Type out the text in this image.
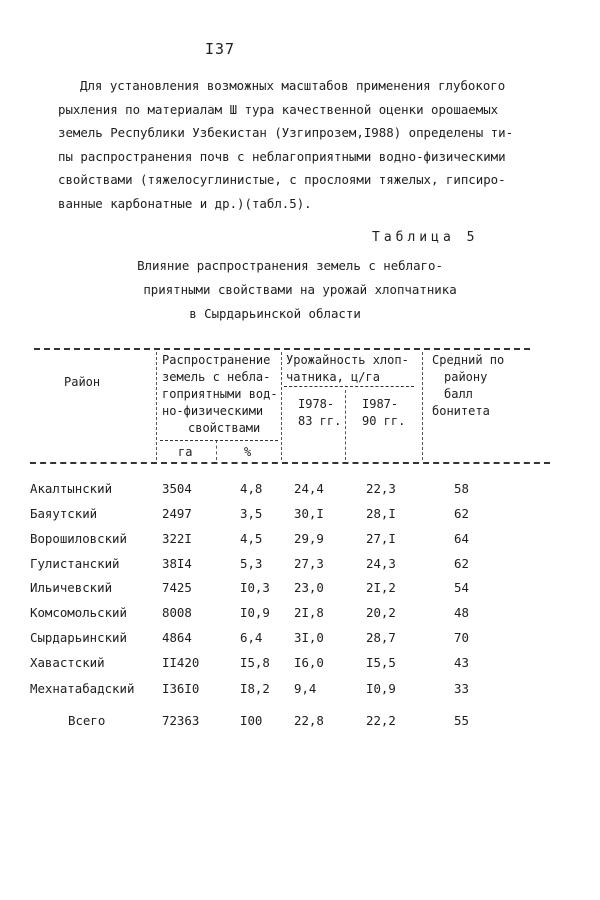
I37
Для установления возможных масштабов применения глубокого
рыхления по материалам Ш тура качественной оценки орошаемых
земель Республики Узбекистан (Узгипрозем,I988) определены ти-
пы распространения почв с неблагоприятными водно-физическими
свойствами (тяжелосуглинистые, с прослоями тяжелых, гипсиро-
ванные карбонатные и др.)(табл.5).
Таблица 5
Влияние распространения земель с неблаго-
приятными свойствами на урожай хлопчатника
в Сырдарьинской области
Район
Распространение
земель с небла-
гоприятными вод-
но-физическими
свойствами
га	%
Урожайность хлоп-
чатника, ц/га
I978-
83 гг.
I987-
90 гг.
Средний по
району
балл
бонитета
Акалтынский	3504	4,8	24,4	22,3	58
Баяутский	2497	3,5	30,I	28,I	62
Ворошиловский	322I	4,5	29,9	27,I	64
Гулистанский	38I4	5,3	27,3	24,3	62
Ильичевский	7425	I0,3 23,0	2I,2	54
Комсомольский	8008	I0,9 2I,8	20,2	48
Сырдарьинский	4864	6,4	3I,0	28,7	70
Хавастский	II420	I5,8 I6,0	I5,5	43
Мехнатабадский I36I0	I8,2 9,4	I0,9	33
Всего	72363	I00	22,8	22,2	55
